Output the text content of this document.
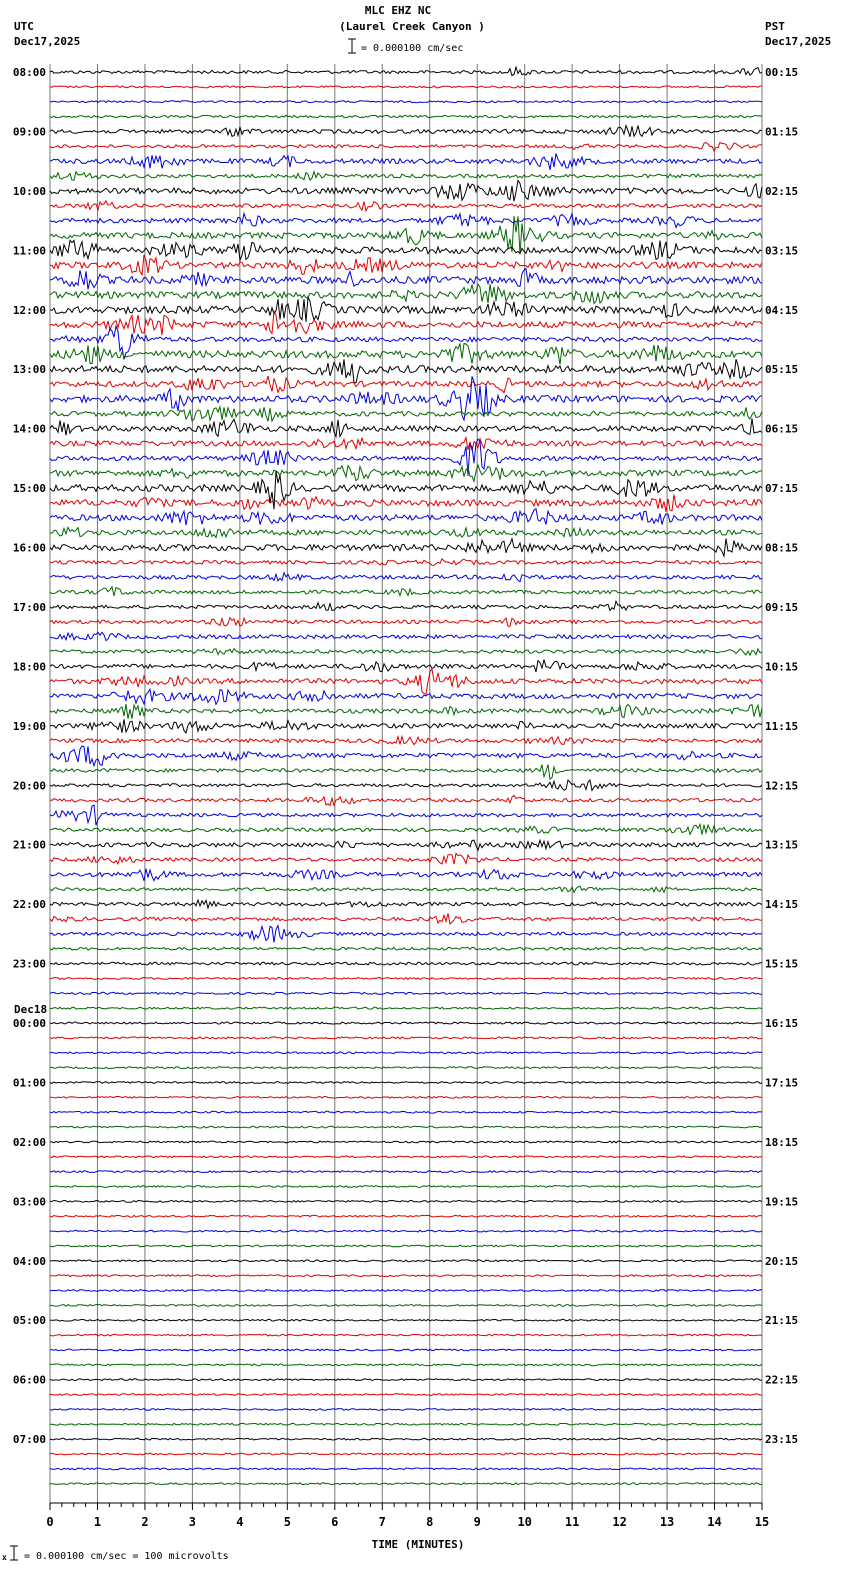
0	1	2	3	4	5	6	7	8	9	10	11	12	13	14	15
08:00
09:00
10:00
11:00
12:00
13:00
14:00
15:00
16:00
17:00
18:00
19:00
20:00
21:00
22:00
23:00
00:00
01:00
02:00
03:00
04:00
05:00
06:00
07:00
00:15
01:15
02:15
03:15
04:15
05:15
06:15
07:15
08:15
09:15
10:15
11:15
12:15
13:15
14:15
15:15
16:15
17:15
18:15
19:15
20:15
21:15
22:15
23:15
Dec18
MLC EHZ NC
(Laurel Creek Canyon )
= 0.000100 cm/sec
UTC
Dec17,2025
PST
Dec17,2025
TIME (MINUTES)
= 0.000100 cm/sec = 100 microvolts
x
